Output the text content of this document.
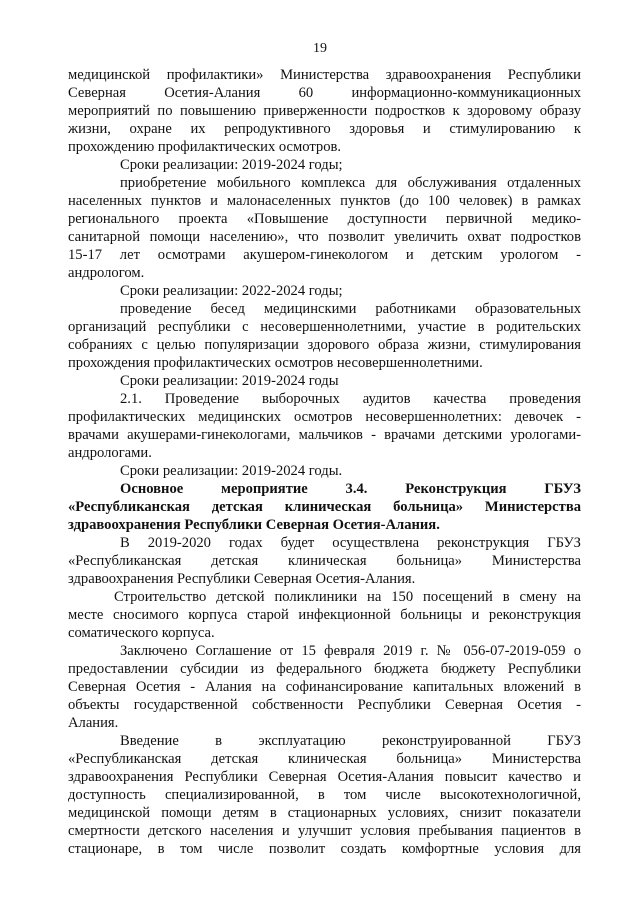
19
медицинской профилактики» Министерства здравоохранения Республики
Северная Осетия-Алания 60 информационно-коммуникационных
мероприятий по повышению приверженности подростков к здоровому образу
жизни, охране их репродуктивного здоровья и стимулированию к
прохождению профилактических осмотров.
Сроки реализации: 2019-2024 годы;
приобретение мобильного комплекса для обслуживания отдаленных
населенных пунктов и малонаселенных пунктов (до 100 человек) в рамках
регионального проекта «Повышение доступности первичной медико-
санитарной помощи населению», что позволит увеличить охват подростков
15-17 лет осмотрами акушером-гинекологом и детским урологом -
андрологом.
Сроки реализации: 2022-2024 годы;
проведение бесед медицинскими работниками образовательных
организаций республики с несовершеннолетними, участие в родительских
собраниях с целью популяризации здорового образа жизни, стимулирования
прохождения профилактических осмотров несовершеннолетними.
Сроки реализации: 2019-2024 годы
2.1. Проведение выборочных аудитов качества проведения
профилактических медицинских осмотров несовершеннолетних: девочек -
врачами акушерами-гинекологами, мальчиков - врачами детскими урологами-
андрологами.
Сроки реализации: 2019-2024 годы.
Основное мероприятие 3.4. Реконструкция ГБУЗ
«Республиканская детская клиническая больница» Министерства
здравоохранения Республики Северная Осетия-Алания.
В 2019-2020 годах будет осуществлена реконструкция ГБУЗ
«Республиканская детская клиническая больница» Министерства
здравоохранения Республики Северная Осетия-Алания.
Строительство детской поликлиники на 150 посещений в смену на
месте сносимого корпуса старой инфекционной больницы и реконструкция
соматического корпуса.
Заключено Соглашение от 15 февраля 2019 г. № 056-07-2019-059 о
предоставлении субсидии из федерального бюджета бюджету Республики
Северная Осетия - Алания на софинансирование капитальных вложений в
объекты государственной собственности Республики Северная Осетия -
Алания.
Введение в эксплуатацию реконструированной ГБУЗ
«Республиканская детская клиническая больница» Министерства
здравоохранения Республики Северная Осетия-Алания повысит качество и
доступность специализированной, в том числе высокотехнологичной,
медицинской помощи детям в стационарных условиях, снизит показатели
смертности детского населения и улучшит условия пребывания пациентов в
стационаре, в том числе позволит создать комфортные условия для
